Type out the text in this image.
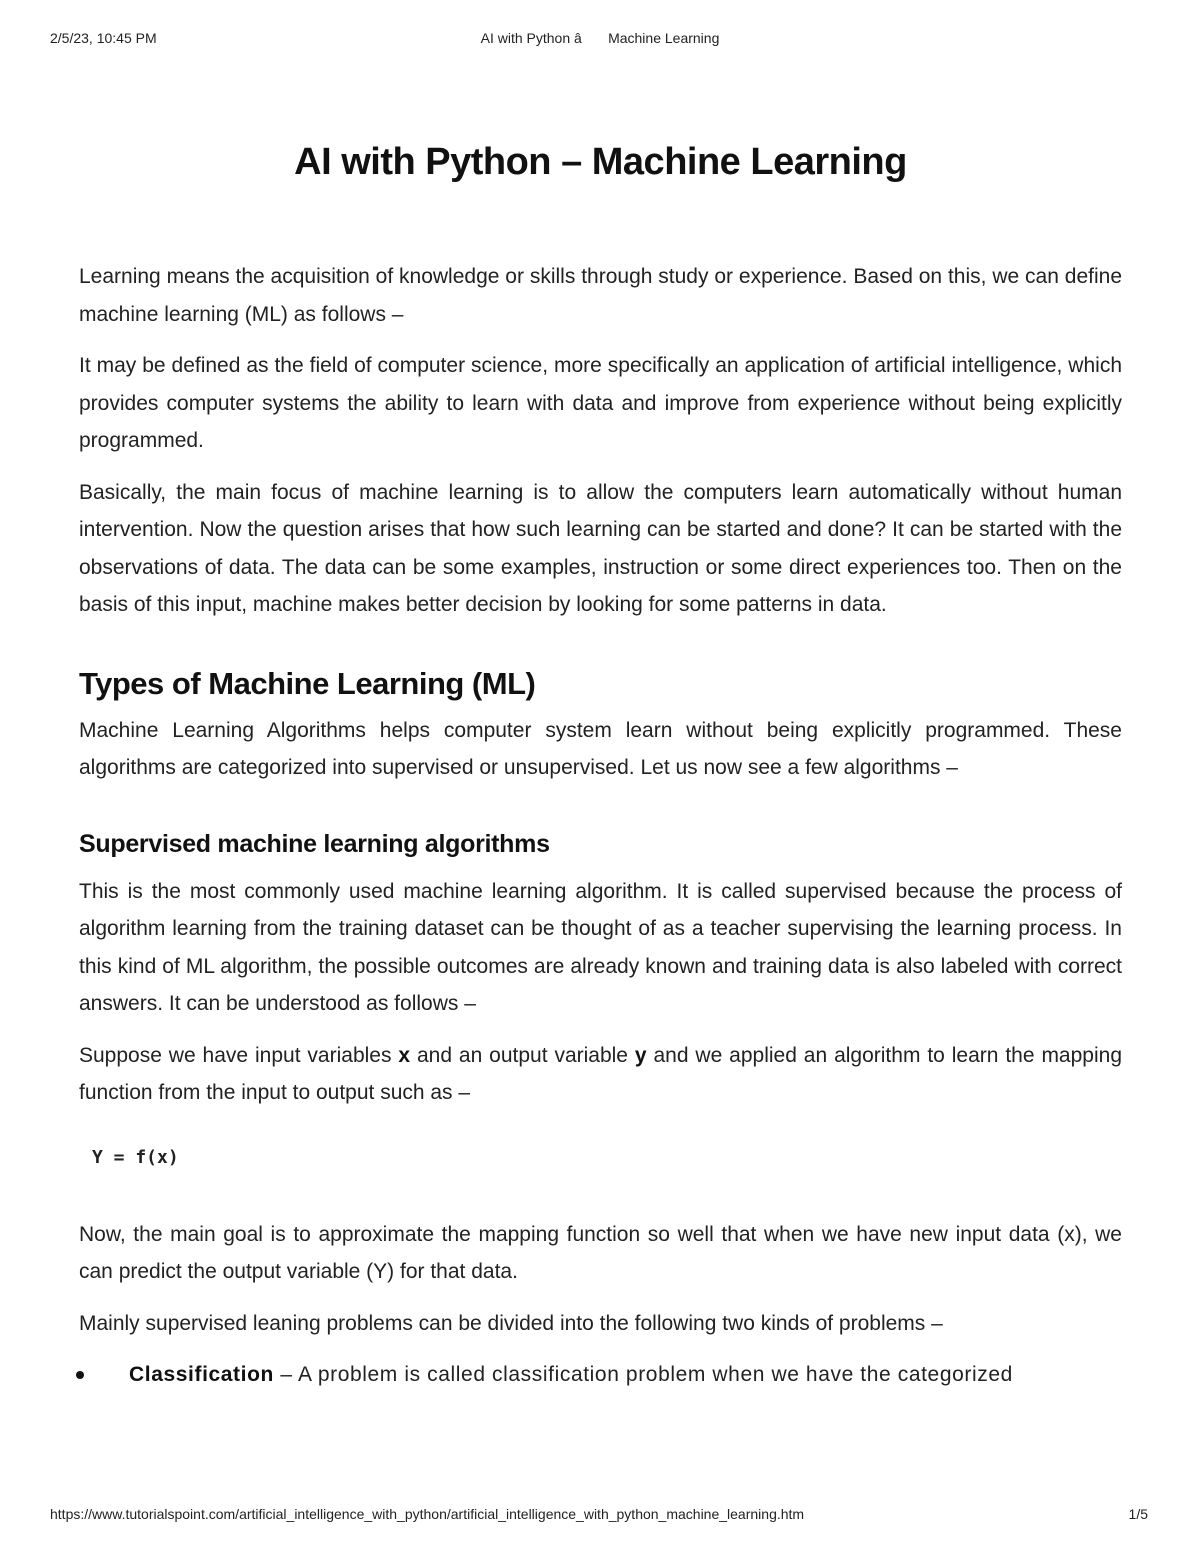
2/5/23, 10:45 PM	AI with Python â Machine Learning
AI with Python – Machine Learning

Learning means the acquisition of knowledge or skills through study or experience. Based on this, we can define machine learning (ML) as follows –

It may be defined as the field of computer science, more specifically an application of artificial intelligence, which provides computer systems the ability to learn with data and improve from experience without being explicitly programmed.

Basically, the main focus of machine learning is to allow the computers learn automatically without human intervention. Now the question arises that how such learning can be started and done? It can be started with the observations of data. The data can be some examples, instruction or some direct experiences too. Then on the basis of this input, machine makes better decision by looking for some patterns in data.

Types of Machine Learning (ML)

Machine Learning Algorithms helps computer system learn without being explicitly programmed. These algorithms are categorized into supervised or unsupervised. Let us now see a few algorithms –

Supervised machine learning algorithms

This is the most commonly used machine learning algorithm. It is called supervised because the process of algorithm learning from the training dataset can be thought of as a teacher supervising the learning process. In this kind of ML algorithm, the possible outcomes are already known and training data is also labeled with correct answers. It can be understood as follows –

Suppose we have input variables x and an output variable y and we applied an algorithm to learn the mapping function from the input to output such as –

Y = f(x)

Now, the main goal is to approximate the mapping function so well that when we have new input data (x), we can predict the output variable (Y) for that data.

Mainly supervised leaning problems can be divided into the following two kinds of problems –

Classification – A problem is called classification problem when we have the categorized
https://www.tutorialspoint.com/artificial_intelligence_with_python/artificial_intelligence_with_python_machine_learning.htm	1/5
